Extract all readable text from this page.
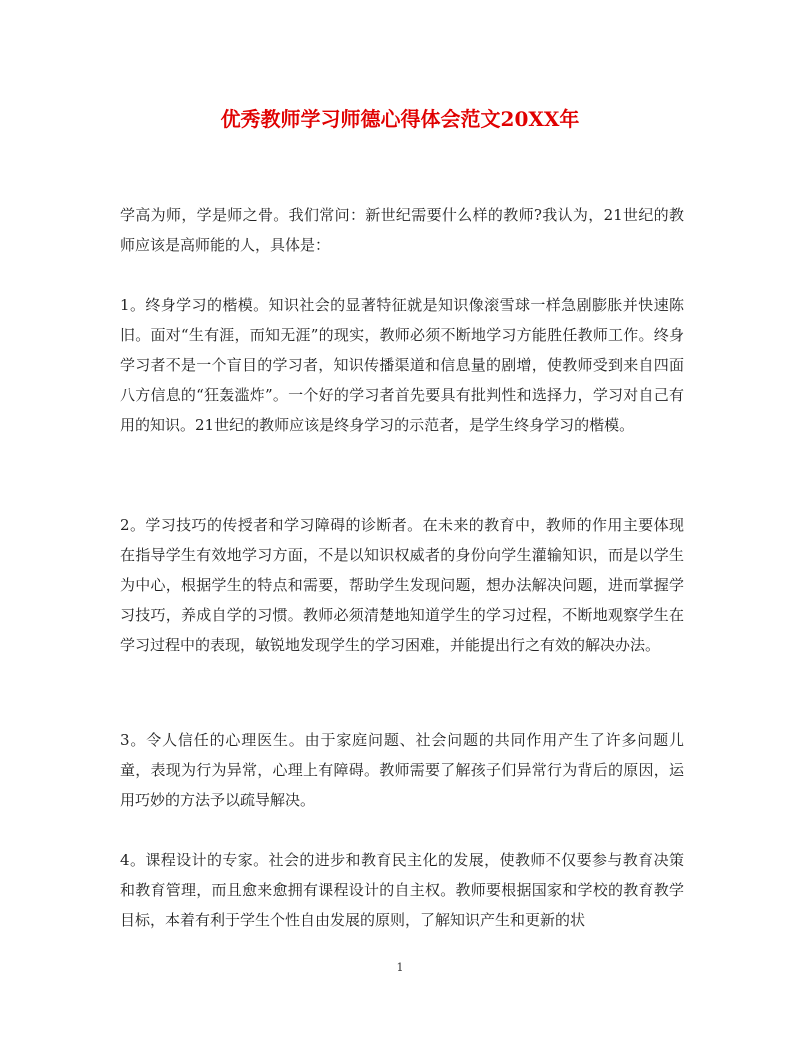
优秀教师学习师德心得体会范文20XX年

学高为师，学是师之骨。我们常问：新世纪需要什么样的教师?我认为，21世纪的教师应该是高师能的人，具体是：

1。终身学习的楷模。知识社会的显著特征就是知识像滚雪球一样急剧膨胀并快速陈旧。面对“生有涯，而知无涯”的现实，教师必须不断地学习方能胜任教师工作。终身学习者不是一个盲目的学习者，知识传播渠道和信息量的剧增，使教师受到来自四面八方信息的“狂轰滥炸”。一个好的学习者首先要具有批判性和选择力，学习对自己有用的知识。21世纪的教师应该是终身学习的示范者，是学生终身学习的楷模。

2。学习技巧的传授者和学习障碍的诊断者。在未来的教育中，教师的作用主要体现在指导学生有效地学习方面，不是以知识权威者的身份向学生灌输知识，而是以学生为中心，根据学生的特点和需要，帮助学生发现问题，想办法解决问题，进而掌握学习技巧，养成自学的习惯。教师必须清楚地知道学生的学习过程，不断地观察学生在学习过程中的表现，敏锐地发现学生的学习困难，并能提出行之有效的解决办法。

3。令人信任的心理医生。由于家庭问题、社会问题的共同作用产生了许多问题儿童，表现为行为异常，心理上有障碍。教师需要了解孩子们异常行为背后的原因，运用巧妙的方法予以疏导解决。

4。课程设计的专家。社会的进步和教育民主化的发展，使教师不仅要参与教育决策和教育管理，而且愈来愈拥有课程设计的自主权。教师要根据国家和学校的教育教学目标，本着有利于学生个性自由发展的原则，了解知识产生和更新的状

1
